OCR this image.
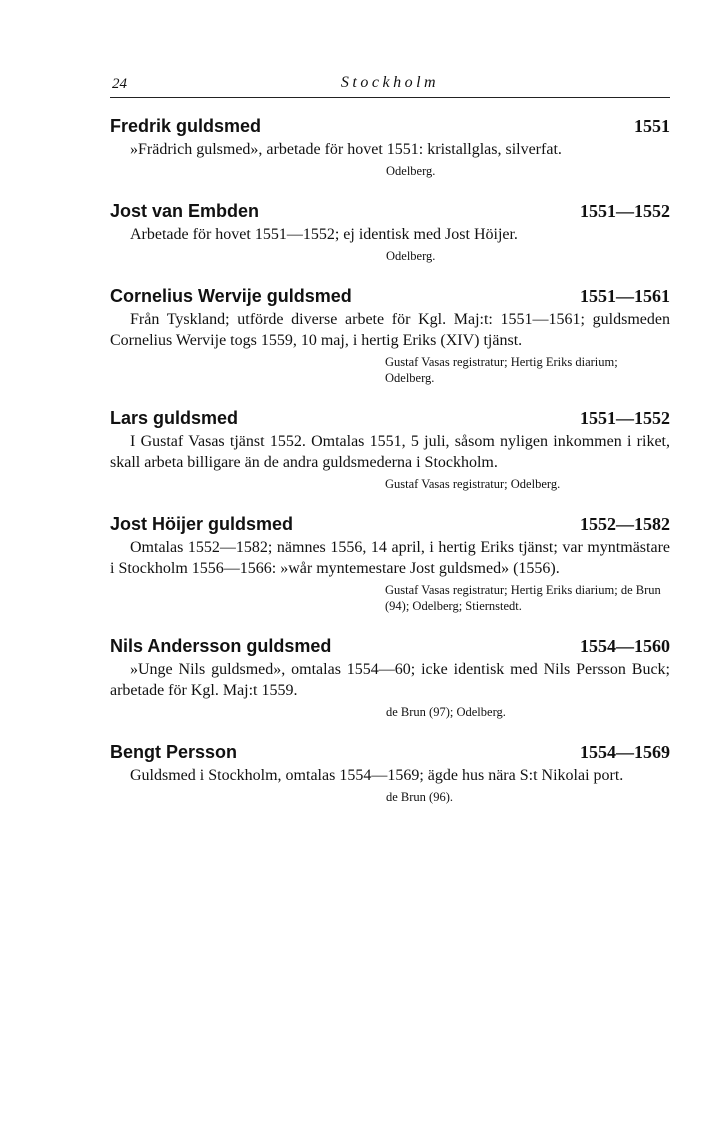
24	Stockholm
Fredrik guldsmed	1551
»Frädrich gulsmed», arbetade för hovet 1551: kristallglas, silverfat.
Odelberg.
Jost van Embden	1551—1552
Arbetade för hovet 1551—1552; ej identisk med Jost Höijer.
Odelberg.
Cornelius Wervije guldsmed	1551—1561
Från Tyskland; utförde diverse arbete för Kgl. Maj:t: 1551—1561; guldsmeden Cornelius Wervije togs 1559, 10 maj, i hertig Eriks (XIV) tjänst.
Gustaf Vasas registratur; Hertig Eriks diarium; Odelberg.
Lars guldsmed	1551—1552
I Gustaf Vasas tjänst 1552. Omtalas 1551, 5 juli, såsom nyligen inkommen i riket, skall arbeta billigare än de andra guldsmederna i Stockholm.
Gustaf Vasas registratur; Odelberg.
Jost Höijer guldsmed	1552—1582
Omtalas 1552—1582; nämnes 1556, 14 april, i hertig Eriks tjänst; var myntmästare i Stockholm 1556—1566: »wår myntemestare Jost guldsmed» (1556).
Gustaf Vasas registratur; Hertig Eriks diarium; de Brun (94); Odelberg; Stiernstedt.
Nils Andersson guldsmed	1554—1560
»Unge Nils guldsmed», omtalas 1554—60; icke identisk med Nils Persson Buck; arbetade för Kgl. Maj:t 1559.
de Brun (97); Odelberg.
Bengt Persson	1554—1569
Guldsmed i Stockholm, omtalas 1554—1569; ägde hus nära S:t Nikolai port.
de Brun (96).
